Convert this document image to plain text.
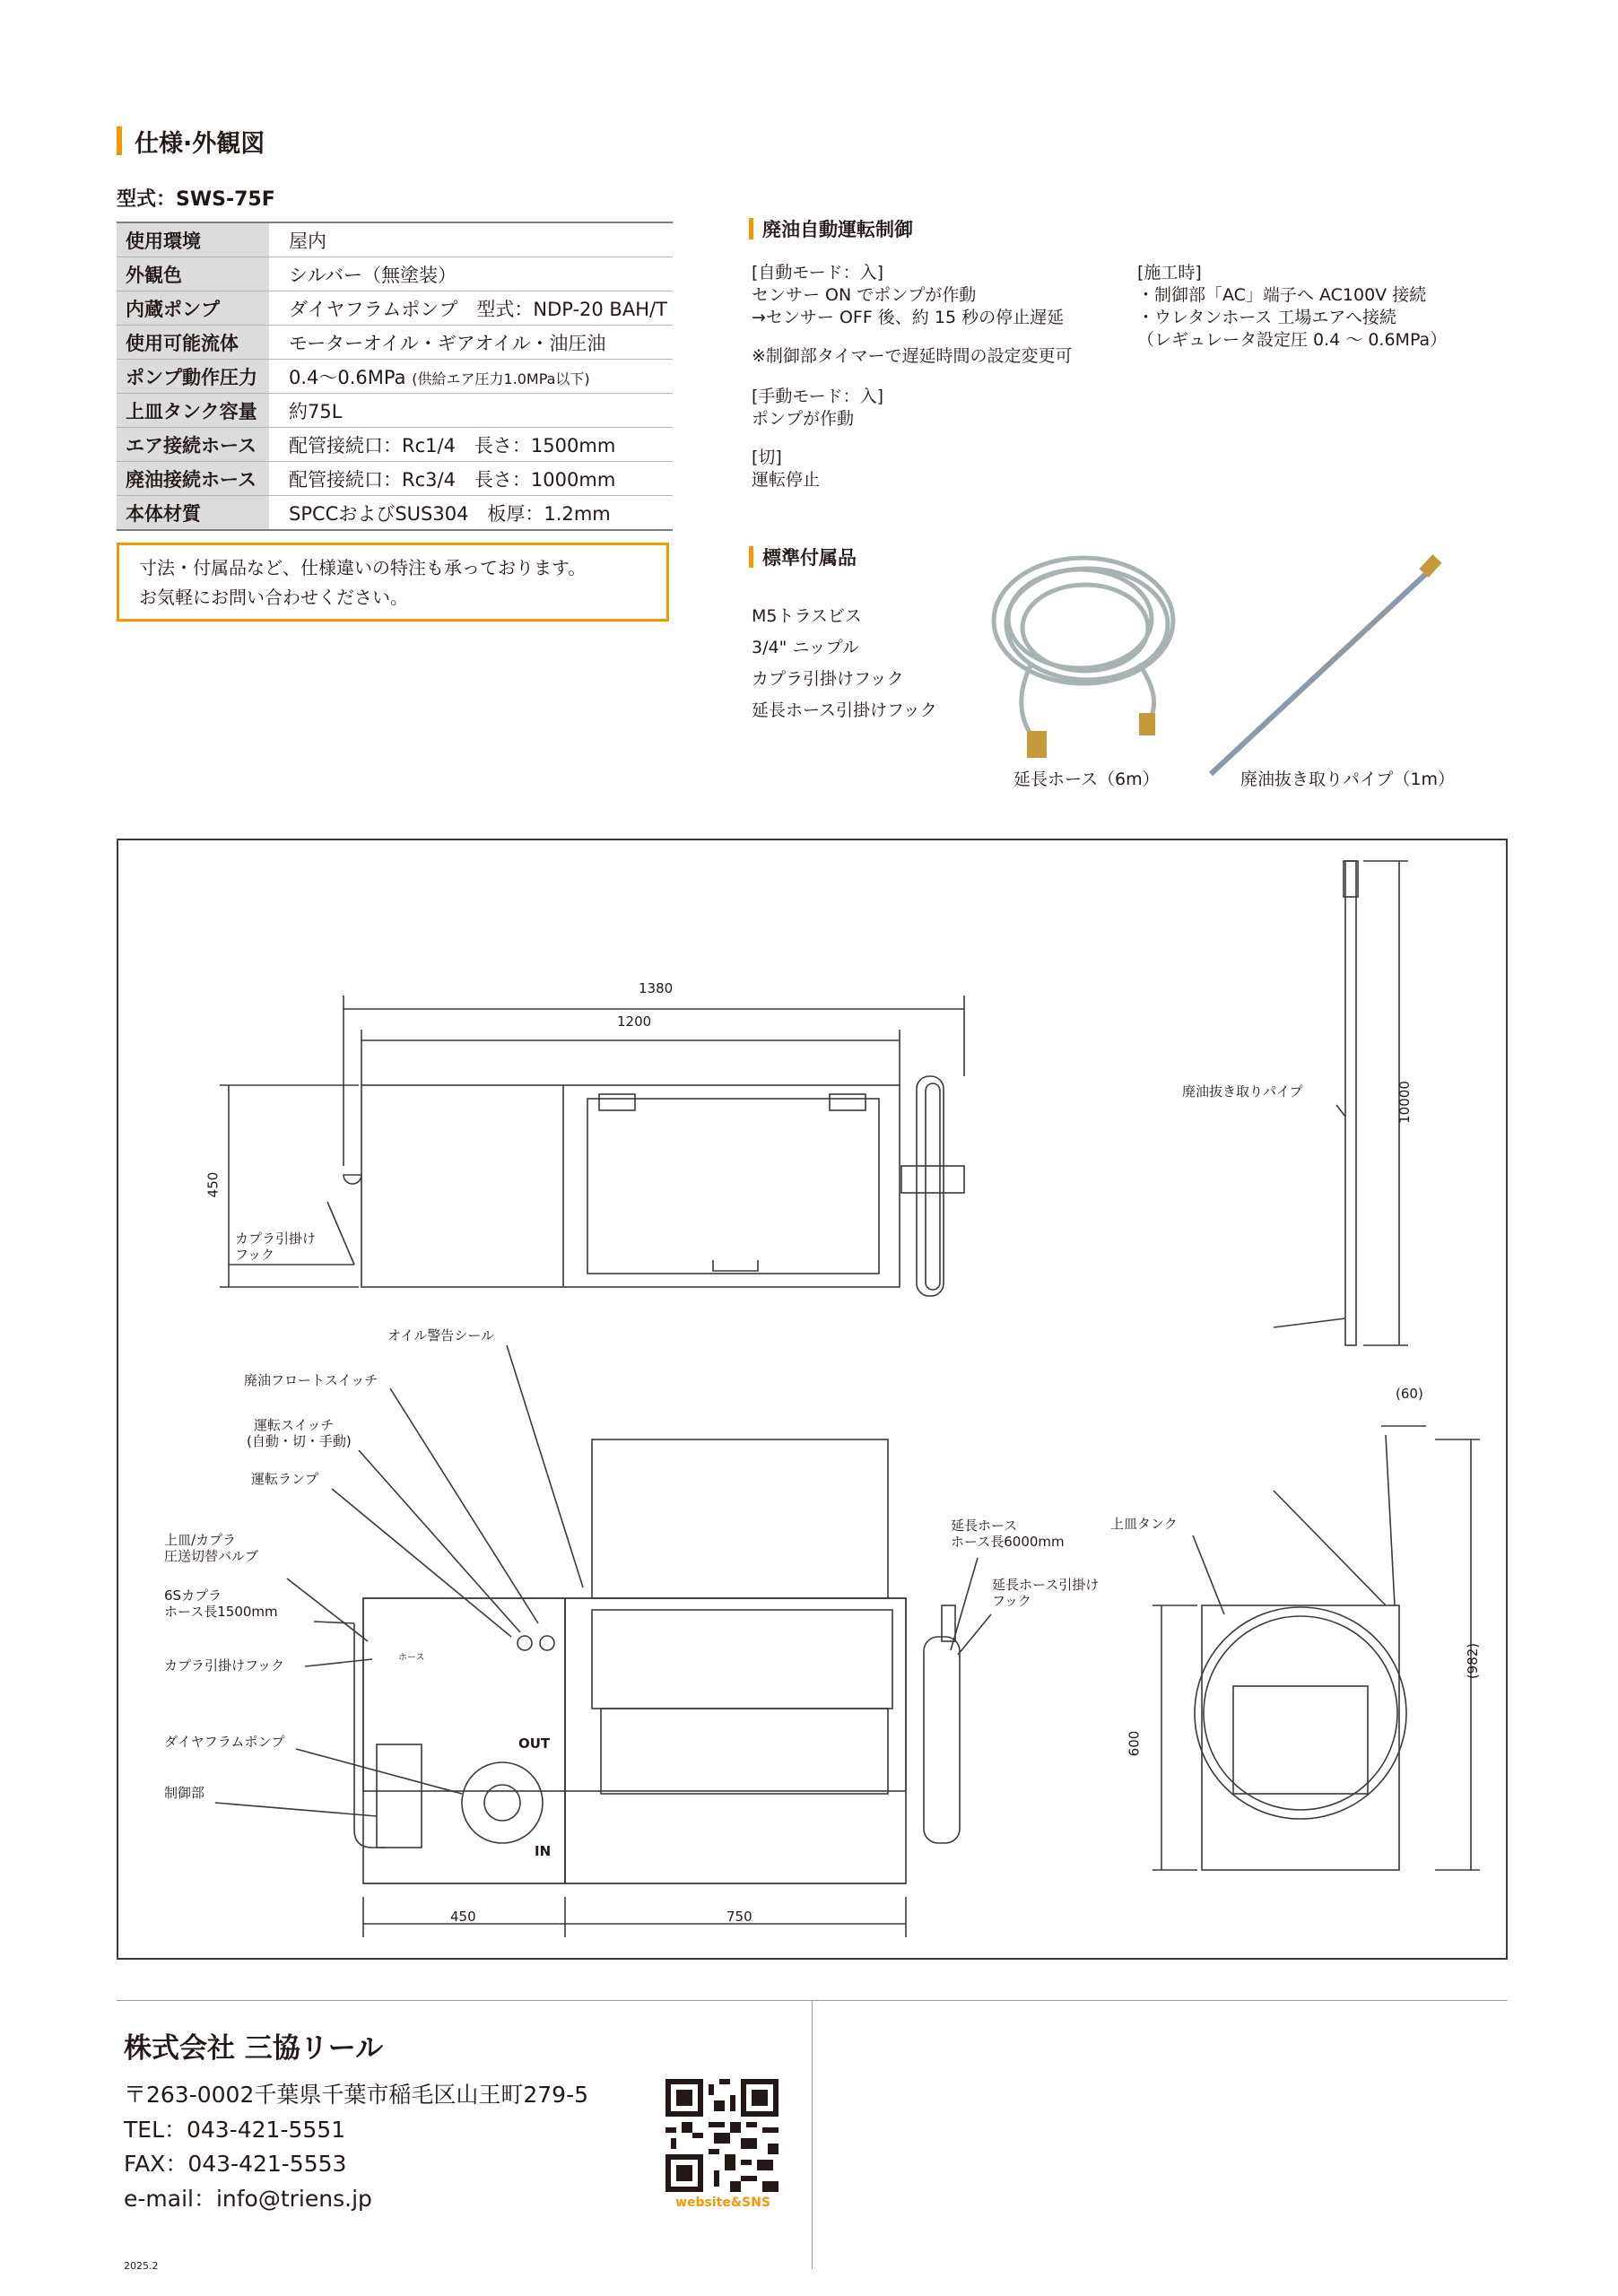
仕様·外観図
型式：SWS-75F
使用環境	屋内
外観色	シルバー（無塗装）
内蔵ポンプ	ダイヤフラムポンプ　型式：NDP-20 BAH/T
使用可能流体	モーターオイル・ギアオイル・油圧油
ポンプ動作圧力	0.4～0.6MPa (供給エア圧力1.0MPa以下)
上皿タンク容量	約75L
エア接続ホース	配管接続口：Rc1/4　長さ：1500mm
廃油接続ホース	配管接続口：Rc3/4　長さ：1000mm
本体材質	SPCCおよびSUS304　板厚：1.2mm
寸法・付属品など、仕様違いの特注も承っております。
お気軽にお問い合わせください。
廃油自動運転制御
[自動モード：入]
センサー ON でポンプが作動
→センサー OFF 後、約 15 秒の停止遅延
※制御部タイマーで遅延時間の設定変更可
[手動モード：入]
ポンプが作動
[切]
運転停止
[施工時]
・制御部「AC」端子へ AC100V 接続
・ウレタンホース 工場エアへ接続
（レギュレータ設定圧 0.4 ～ 0.6MPa）
標準付属品
M5トラスビス
3/4" ニップル
カプラ引掛けフック
延長ホース引掛けフック
延長ホース（6m）	廃油抜き取りパイプ（1m）
1380
1200
450
10000
450	750
(60)
(982)
600
カプラ引掛け
フック
廃油抜き取りパイプ
オイル警告シール
廃油フロートスイッチ
運転スイッチ
(自動・切・手動)
運転ランプ
上皿/カプラ
圧送切替バルブ
6Sカプラ
ホース長1500mm
カプラ引掛けフック
ダイヤフラムポンプ
制御部
OUT
IN
ホース
延長ホース
ホース長6000mm
延長ホース引掛け
フック
上皿タンク
株式会社 三協リール
〒263-0002千葉県千葉市稲毛区山王町279-5
TEL：043-421-5551
FAX：043-421-5553
e-mail：info@triens.jp	website&SNS
2025.2
